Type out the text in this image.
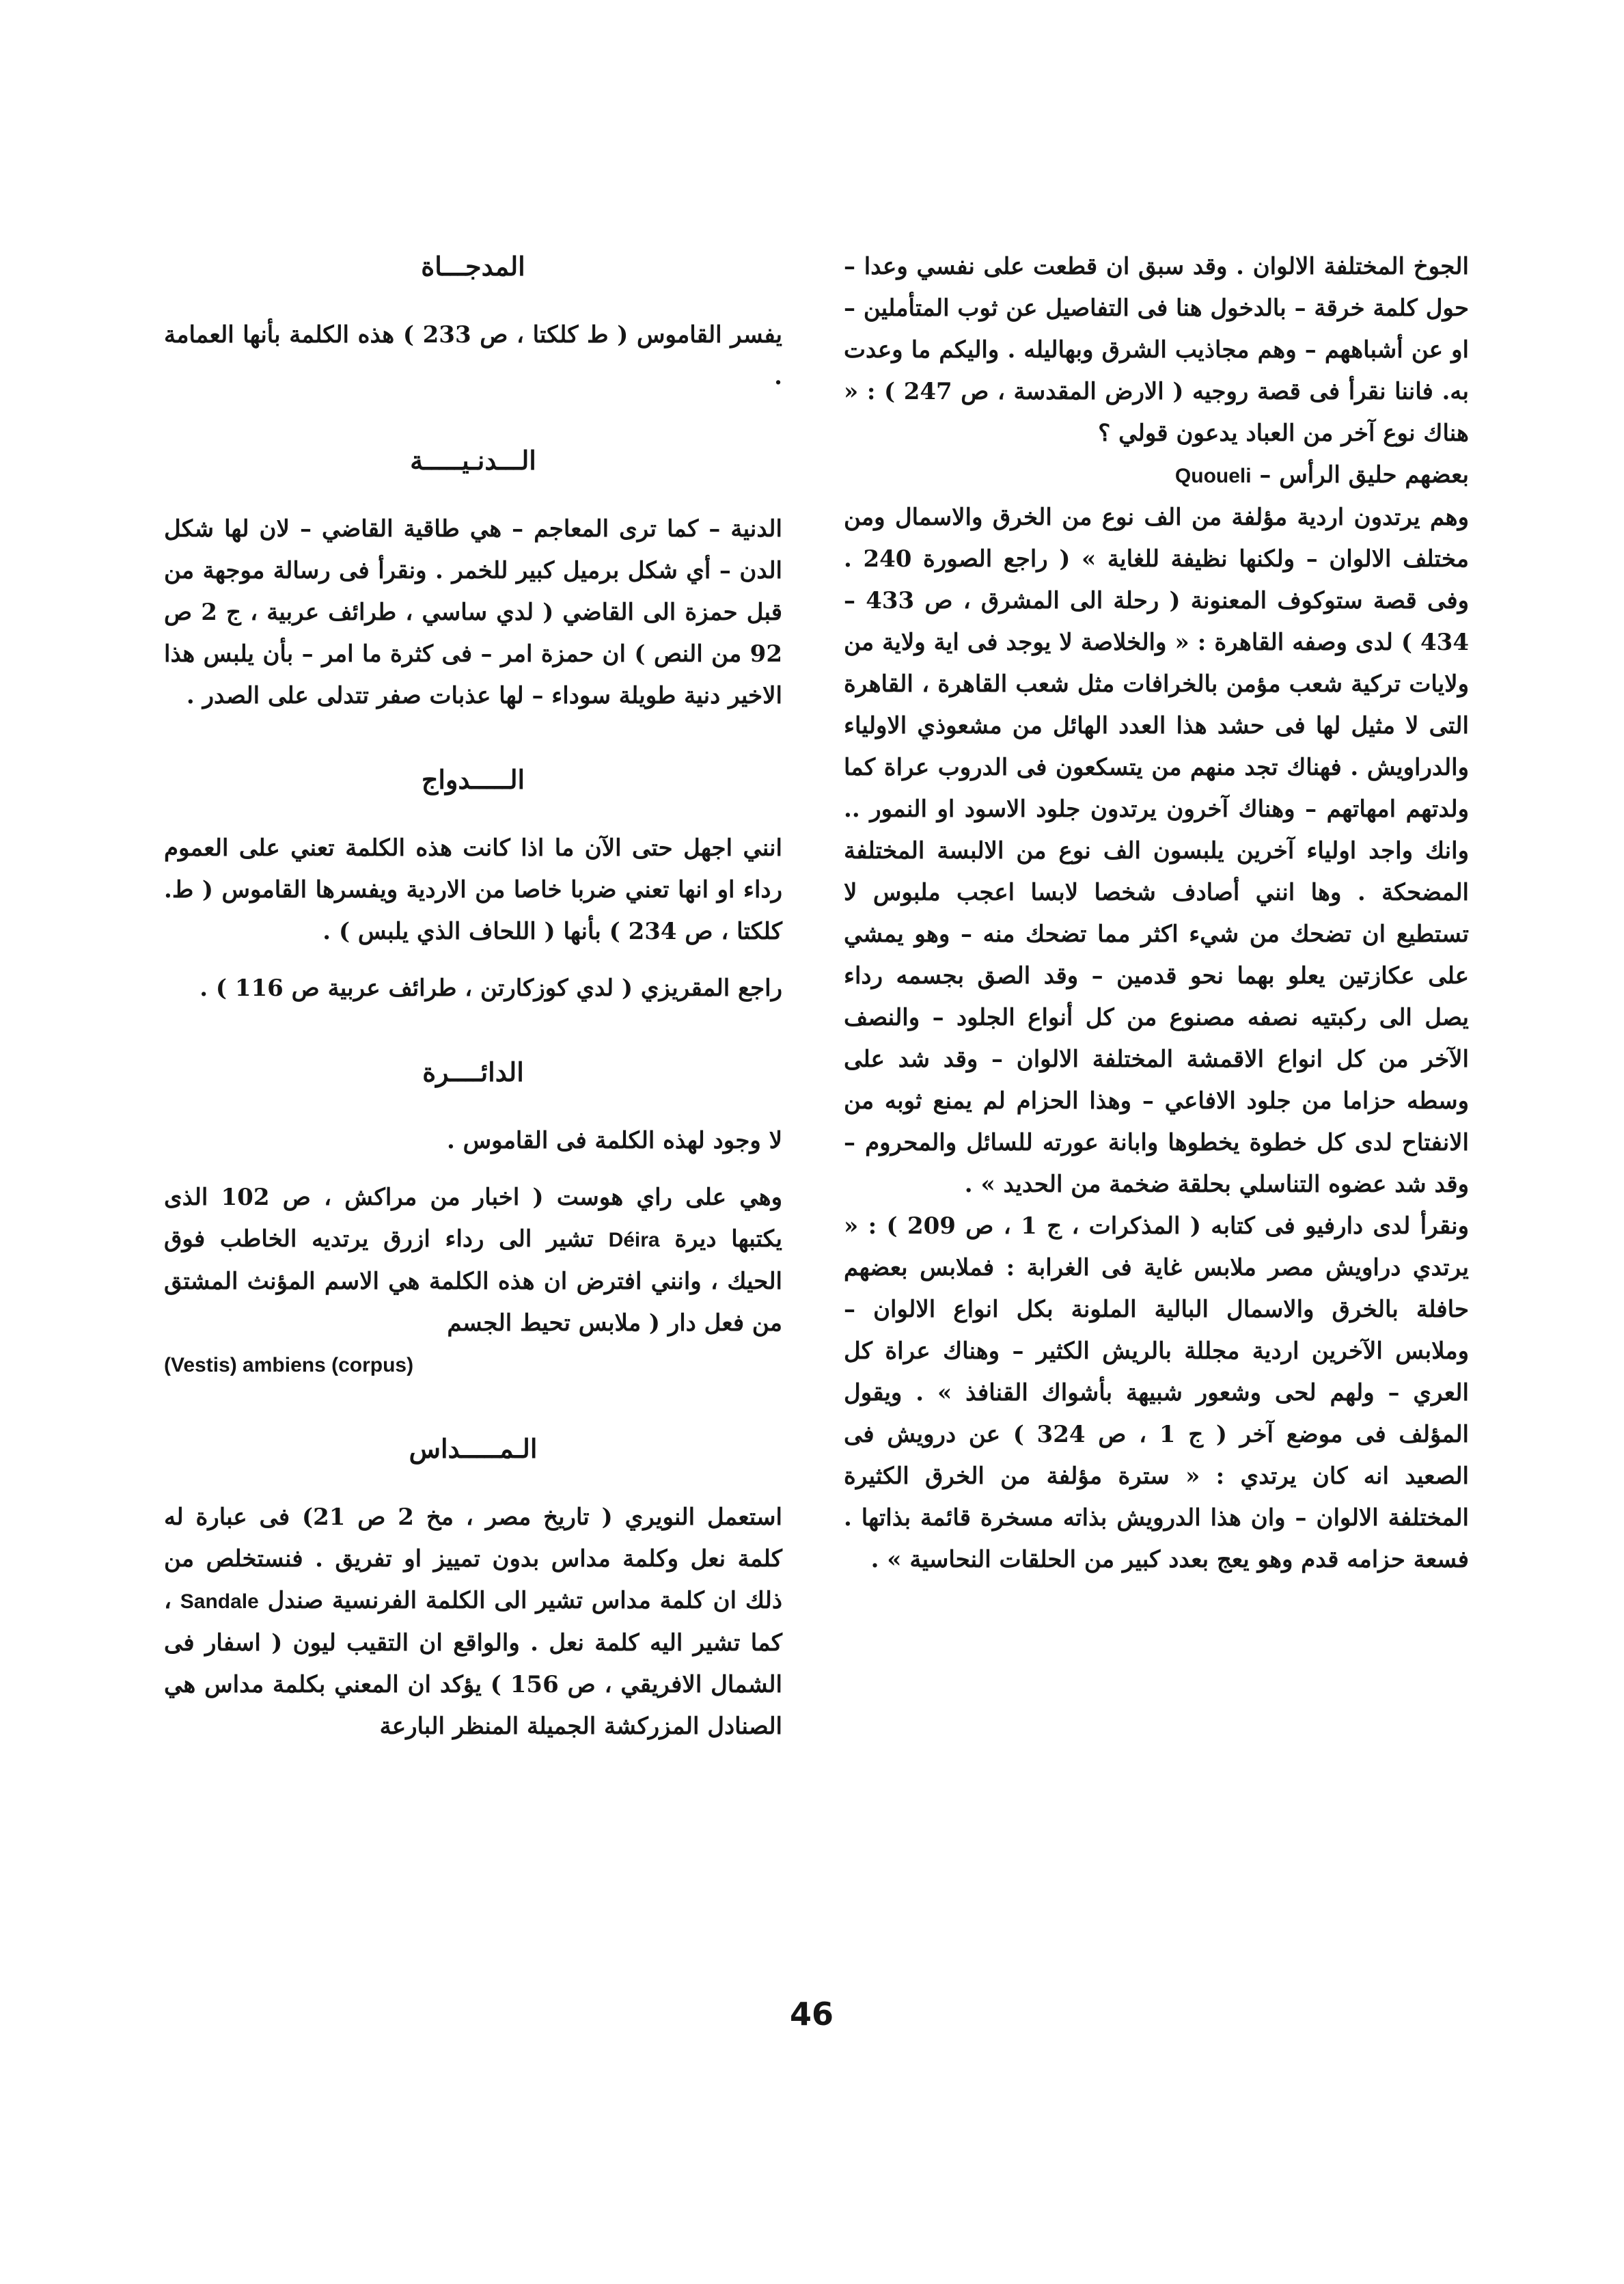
الجوخ المختلفة الالوان . وقد سبق ان قطعت على نفسي وعدا – حول كلمة خرقة – بالدخول هنا فى التفاصيل عن ثوب المتأملين – او عن أشباههم – وهم مجاذيب الشرق وبهاليله . واليكم ما وعدت به. فاننا نقرأ فى قصة روجيه ( الارض المقدسة ، ص 247 ) : « هناك نوع آخر من العباد يدعون قولي ؟

بعضهم حليق الرأس – Quoueli

وهم يرتدون اردية مؤلفة من الف نوع من الخرق والاسمال ومن مختلف الالوان – ولكنها نظيفة للغاية » ( راجع الصورة 240 . وفى قصة ستوكوف المعنونة ( رحلة الى المشرق ، ص 433 – 434 ) لدى وصفه القاهرة : « والخلاصة لا يوجد فى اية ولاية من ولايات تركية شعب مؤمن بالخرافات مثل شعب القاهرة ، القاهرة التى لا مثيل لها فى حشد هذا العدد الهائل من مشعوذي الاولياء والدراويش . فهناك تجد منهم من يتسكعون فى الدروب عراة كما ولدتهم امهاتهم – وهناك آخرون يرتدون جلود الاسود او النمور .. وانك واجد اولياء آخرين يلبسون الف نوع من الالبسة المختلفة المضحكة . وها انني أصادف شخصا لابسا اعجب ملبوس لا تستطيع ان تضحك من شيء اكثر مما تضحك منه – وهو يمشي على عكازتين يعلو بهما نحو قدمين – وقد الصق بجسمه رداء يصل الى ركبتيه نصفه مصنوع من كل أنواع الجلود – والنصف الآخر من كل انواع الاقمشة المختلفة الالوان – وقد شد على وسطه حزاما من جلود الافاعي – وهذا الحزام لم يمنع ثوبه من الانفتاح لدى كل خطوة يخطوها وابانة عورته للسائل والمحروم – وقد شد عضوه التناسلي بحلقة ضخمة من الحديد » .

ونقرأ لدى دارفيو فى كتابه ( المذكرات ، ج 1 ، ص 209 ) : « يرتدي دراويش مصر ملابس غاية فى الغرابة : فملابس بعضهم حافلة بالخرق والاسمال البالية الملونة بكل انواع الالوان – وملابس الآخرين اردية مجللة بالريش الكثير – وهناك عراة كل العري – ولهم لحى وشعور شبيهة بأشواك القنافذ » . ويقول المؤلف فى موضع آخر ( ج 1 ، ص 324 ) عن درويش فى الصعيد انه كان يرتدي : « سترة مؤلفة من الخرق الكثيرة المختلفة الالوان – وان هذا الدرويش بذاته مسخرة قائمة بذاتها . فسعة حزامه قدم وهو يعج بعدد كبير من الحلقات النحاسية » .

المدجـــاة

يفسر القاموس ( ط كلكتا ، ص 233 ) هذه الكلمة بأنها العمامة .

الـــدنـيـــــة

الدنية – كما ترى المعاجم – هي طاقية القاضي – لان لها شكل الدن – أي شكل برميل كبير للخمر . ونقرأ فى رسالة موجهة من قبل حمزة الى القاضي ( لدي ساسي ، طرائف عربية ، ج 2 ص 92 من النص ) ان حمزة امر – فى كثرة ما امر – بأن يلبس هذا الاخير دنية طويلة سوداء – لها عذبات صفر تتدلى على الصدر .

الـــــدواج

انني اجهل حتى الآن ما اذا كانت هذه الكلمة تعني على العموم رداء او انها تعني ضربا خاصا من الاردية ويفسرها القاموس ( ط. كلكتا ، ص 234 ) بأنها ( اللحاف الذي يلبس ) .

راجع المقريزي ( لدي كوزكارتن ، طرائف عربية ص 116 ) .

الدائــــرة

لا وجود لهذه الكلمة فى القاموس .

وهي على راي هوست ( اخبار من مراكش ، ص 102 الذى يكتبها ديرة Déira تشير الى رداء ازرق يرتديه الخاطب فوق الحيك ، وانني افترض ان هذه الكلمة هي الاسم المؤنث المشتق من فعل دار ( ملابس تحيط الجسم

(Vestis) ambiens (corpus)

الـمـــــداس

استعمل النويري ( تاريخ مصر ، مخ 2 ص 21) فى عبارة له كلمة نعل وكلمة مداس بدون تمييز او تفريق . فنستخلص من ذلك ان كلمة مداس تشير الى الكلمة الفرنسية صندل Sandale ، كما تشير اليه كلمة نعل . والواقع ان التقيب ليون ( اسفار فى الشمال الافريقي ، ص 156 ) يؤكد ان المعني بكلمة مداس هي الصنادل المزركشة الجميلة المنظر البارعة

46
